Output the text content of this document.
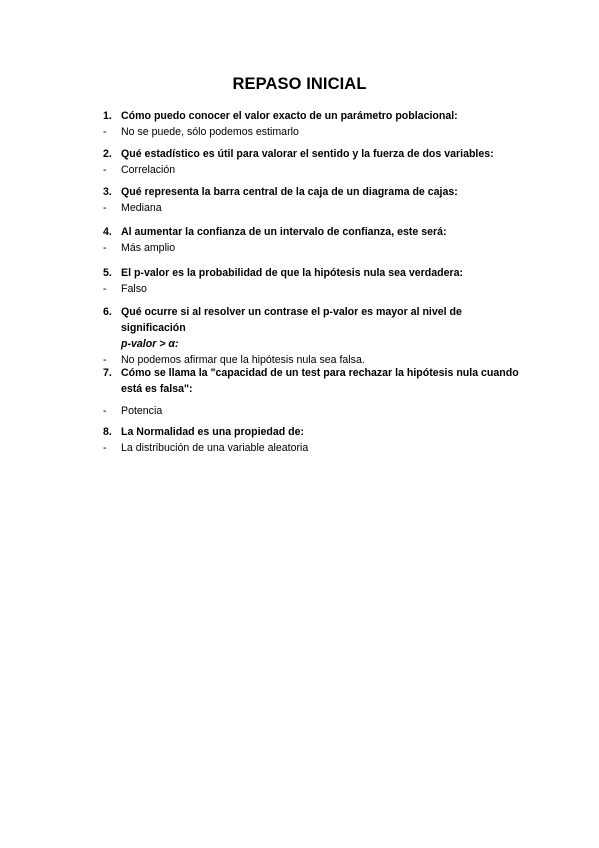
REPASO INICIAL
1. Cómo puedo conocer el valor exacto de un parámetro poblacional:
- No se puede, sólo podemos estimarlo
2. Qué estadístico es útil para valorar el sentido y la fuerza de dos variables:
- Correlación
3. Qué representa la barra central de la caja de un diagrama de cajas:
- Mediana
4. Al aumentar la confianza de un intervalo de confianza, este será:
- Más amplio
5. El p-valor es la probabilidad de que la hipótesis nula sea verdadera:
- Falso
6. Qué ocurre si al resolver un contrase el p-valor es mayor al nivel de significación
p-valor > α:
- No podemos afirmar que la hipótesis nula sea falsa.
7. Cómo se llama la "capacidad de un test para rechazar la hipótesis nula cuando está es falsa":
- Potencia
8. La Normalidad es una propiedad de:
- La distribución de una variable aleatoria
